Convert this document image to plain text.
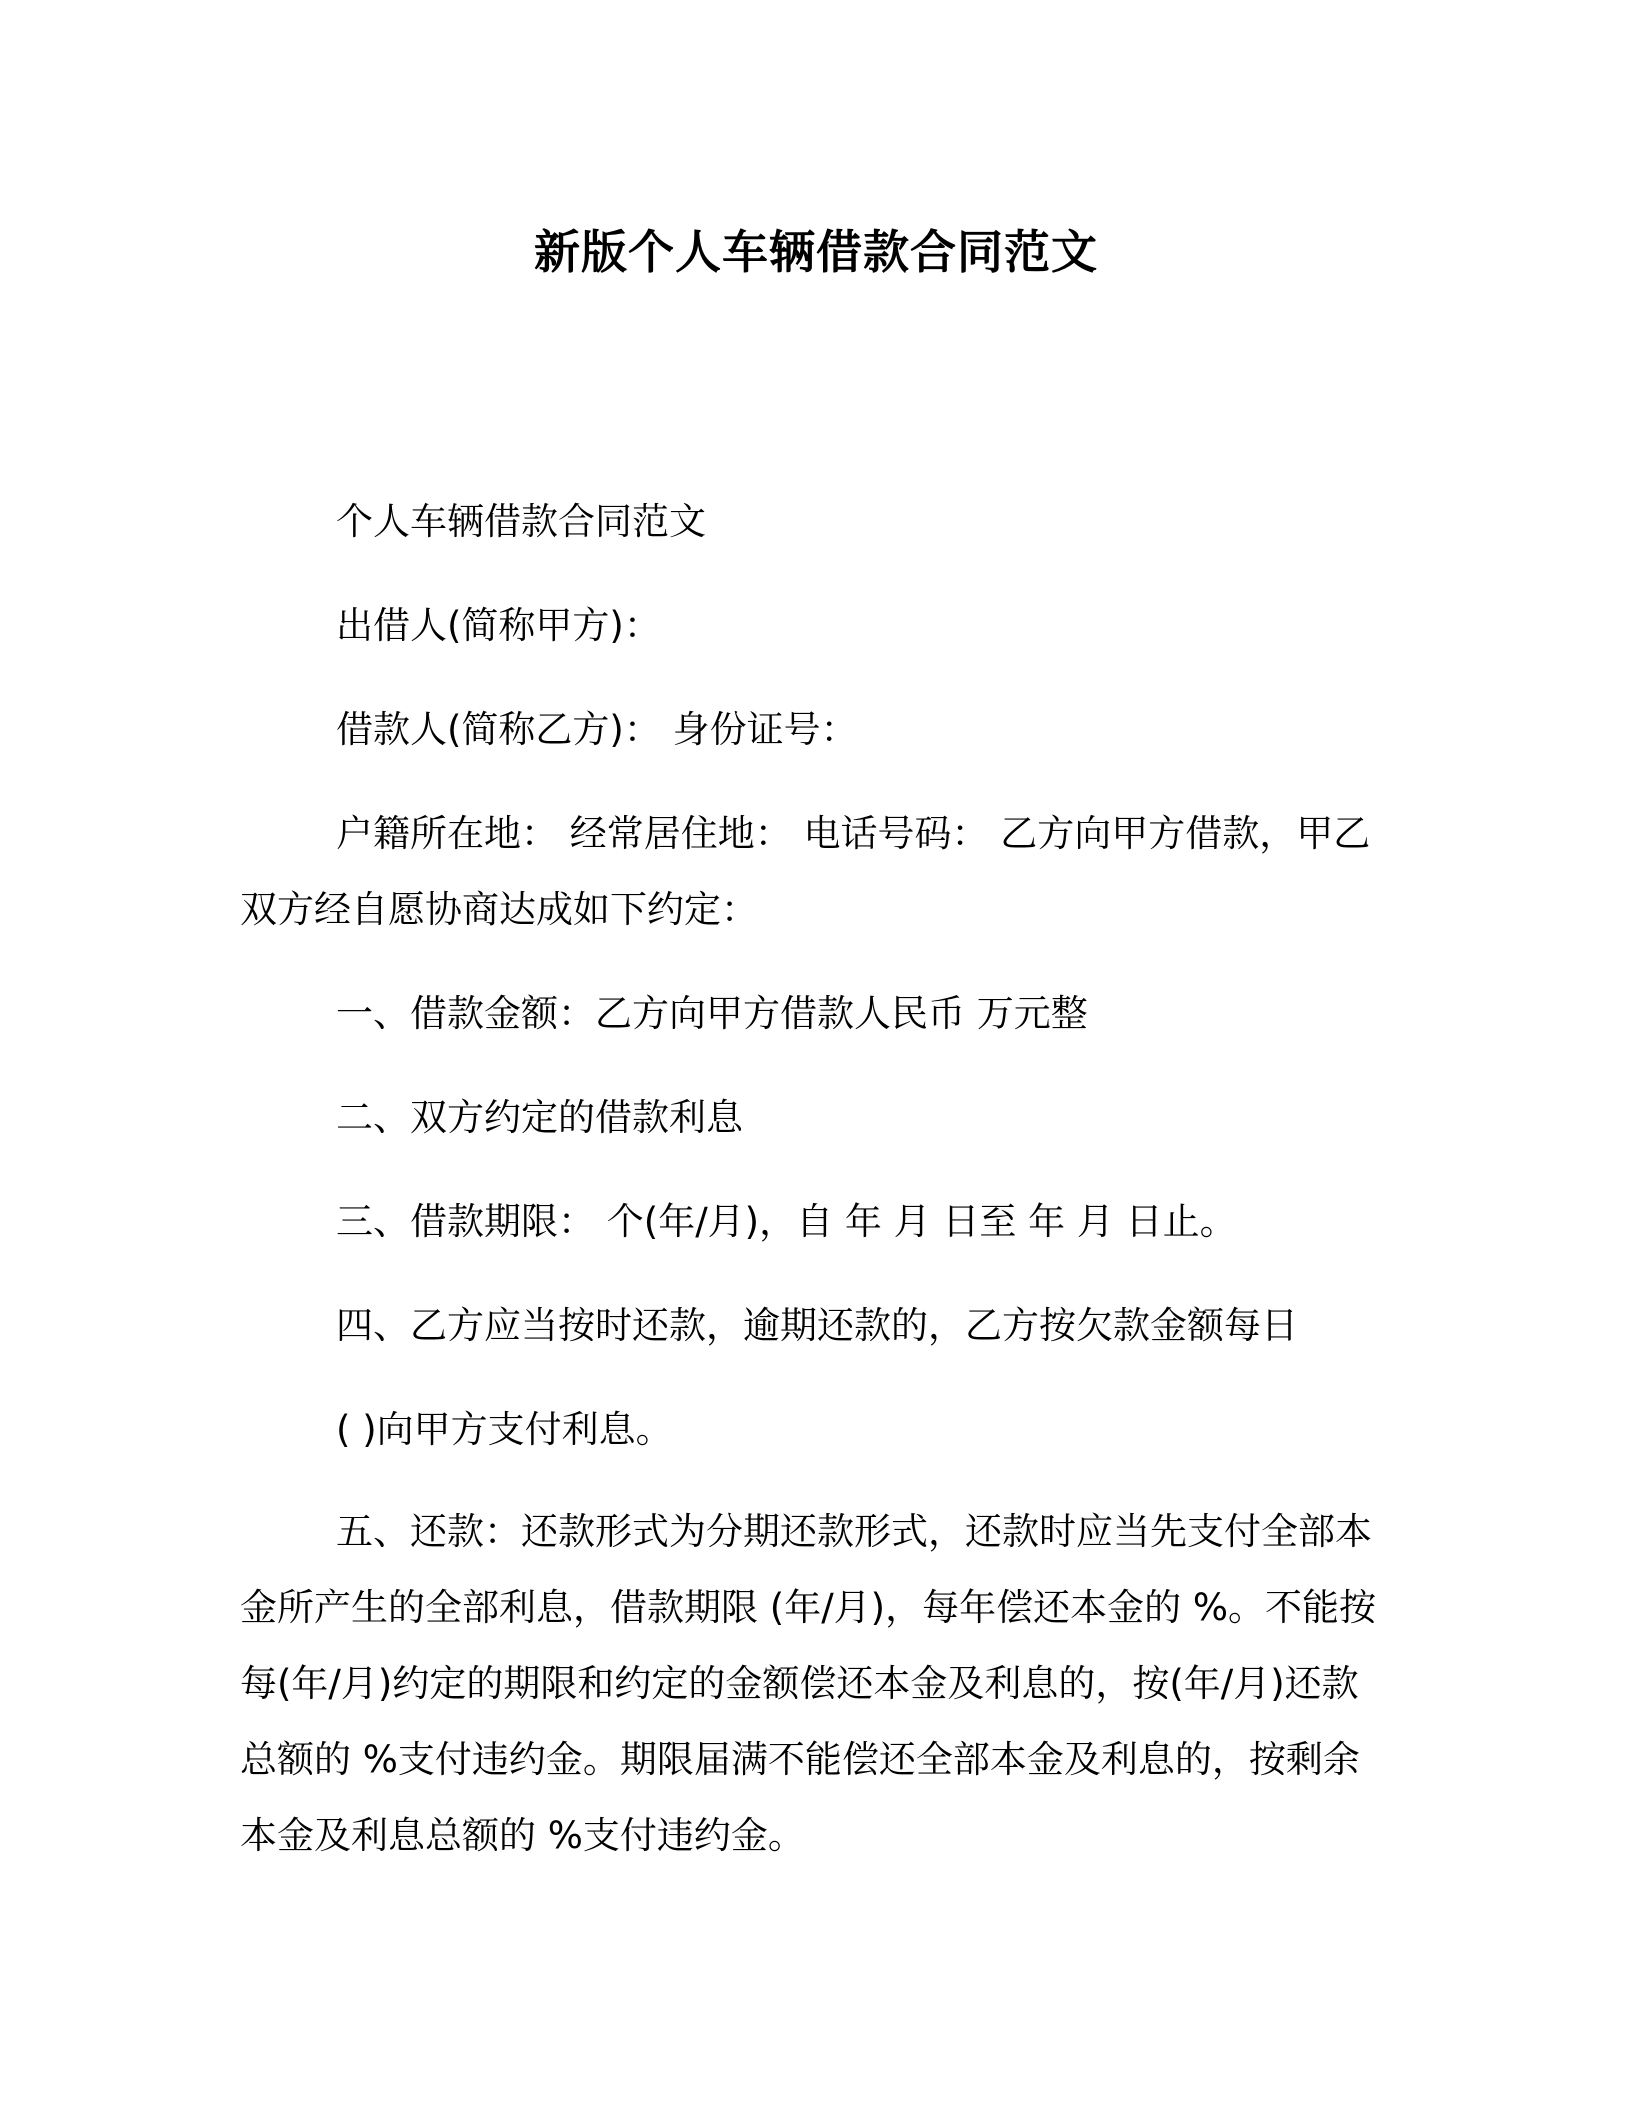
新版个人车辆借款合同范文

个人车辆借款合同范文

出借人(简称甲方)：

借款人(简称乙方)： 身份证号：

户籍所在地： 经常居住地： 电话号码： 乙方向甲方借款，甲乙双方经自愿协商达成如下约定：

一、借款金额：乙方向甲方借款人民币 万元整

二、双方约定的借款利息

三、借款期限： 个(年/月)，自 年 月 日至 年 月 日止。

四、乙方应当按时还款，逾期还款的，乙方按欠款金额每日

( )向甲方支付利息。

五、还款：还款形式为分期还款形式，还款时应当先支付全部本金所产生的全部利息，借款期限 (年/月)，每年偿还本金的 %。不能按每(年/月)约定的期限和约定的金额偿还本金及利息的，按(年/月)还款总额的 %支付违约金。期限届满不能偿还全部本金及利息的，按剩余本金及利息总额的 %支付违约金。
